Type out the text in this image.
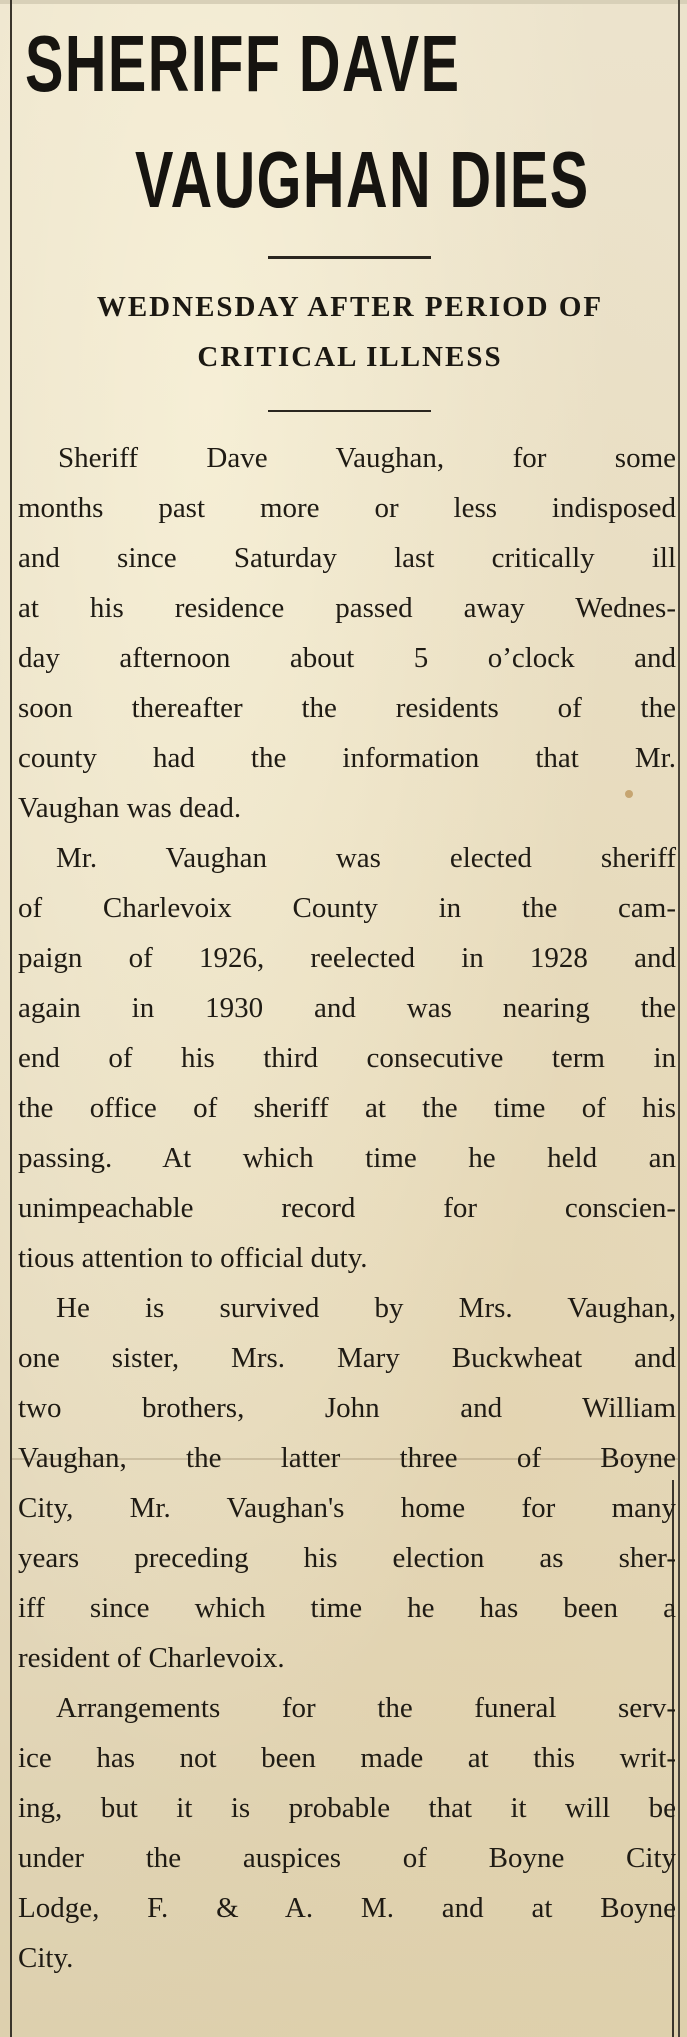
SHERIFF DAVE
VAUGHAN DIES
WEDNESDAY AFTER PERIOD OF
CRITICAL ILLNESS
Sheriff Dave Vaughan, for some
months past more or less indisposed
and since Saturday last critically ill
at his residence passed away Wednes-
day afternoon about 5 o’clock and
soon thereafter the residents of the
county had the information that Mr.
Vaughan was dead.
Mr. Vaughan was elected sheriff
of Charlevoix County in the cam-
paign of 1926, reelected in 1928 and
again in 1930 and was nearing the
end of his third consecutive term in
the office of sheriff at the time of his
passing. At which time he held an
unimpeachable record for conscien-
tious attention to official duty.
He is survived by Mrs. Vaughan,
one sister, Mrs. Mary Buckwheat and
two brothers, John and William
Vaughan, the latter three of Boyne
City, Mr. Vaughan's home for many
years preceding his election as sher-
iff since which time he has been a
resident of Charlevoix.
Arrangements for the funeral serv-
ice has not been made at this writ-
ing, but it is probable that it will be
under the auspices of Boyne City
Lodge, F. & A. M. and at Boyne
City.
